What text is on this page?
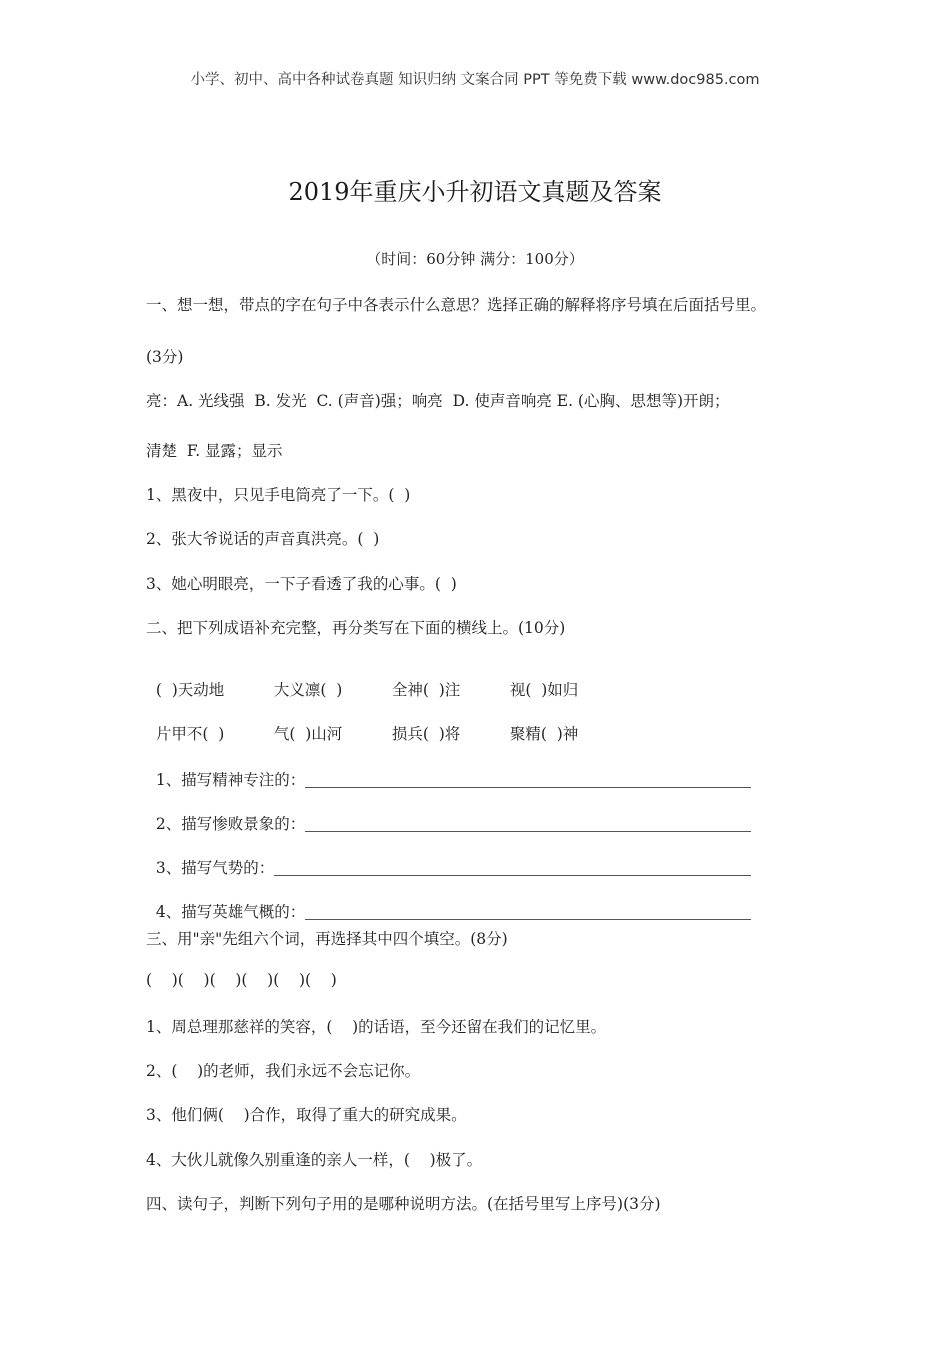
小学、初中、高中各种试卷真题 知识归纳 文案合同 PPT 等免费下载 www.doc985.com
2019年重庆小升初语文真题及答案
（时间：60分钟 满分：100分）
一、想一想，带点的字在句子中各表示什么意思？选择正确的解释将序号填在后面括号里。
(3分)
亮：A. 光线强  B. 发光  C. (声音)强；响亮  D. 使声音响亮 E. (心胸、思想等)开朗；
清楚  F. 显露；显示
1、黑夜中，只见手电筒亮了一下。(  )
2、张大爷说话的声音真洪亮。(  )
3、她心明眼亮，一下子看透了我的心事。(  )
二、把下列成语补充完整，再分类写在下面的横线上。(10分)

(  )天动地	大义凛(  )	全神(  )注	视(  )如归

片甲不(  )	气(  )山河	损兵(  )将	聚精(  )神

1、描写精神专注的：

2、描写惨败景象的：

3、描写气势的：

4、描写英雄气概的：

三、用"亲"先组六个词，再选择其中四个填空。(8分)
(    )(    )(    )(    )(    )(    )
1、周总理那慈祥的笑容，(    )的话语，至今还留在我们的记忆里。
2、(    )的老师，我们永远不会忘记你。
3、他们俩(    )合作，取得了重大的研究成果。
4、大伙儿就像久别重逢的亲人一样，(    )极了。
四、读句子，判断下列句子用的是哪种说明方法。(在括号里写上序号)(3分)
